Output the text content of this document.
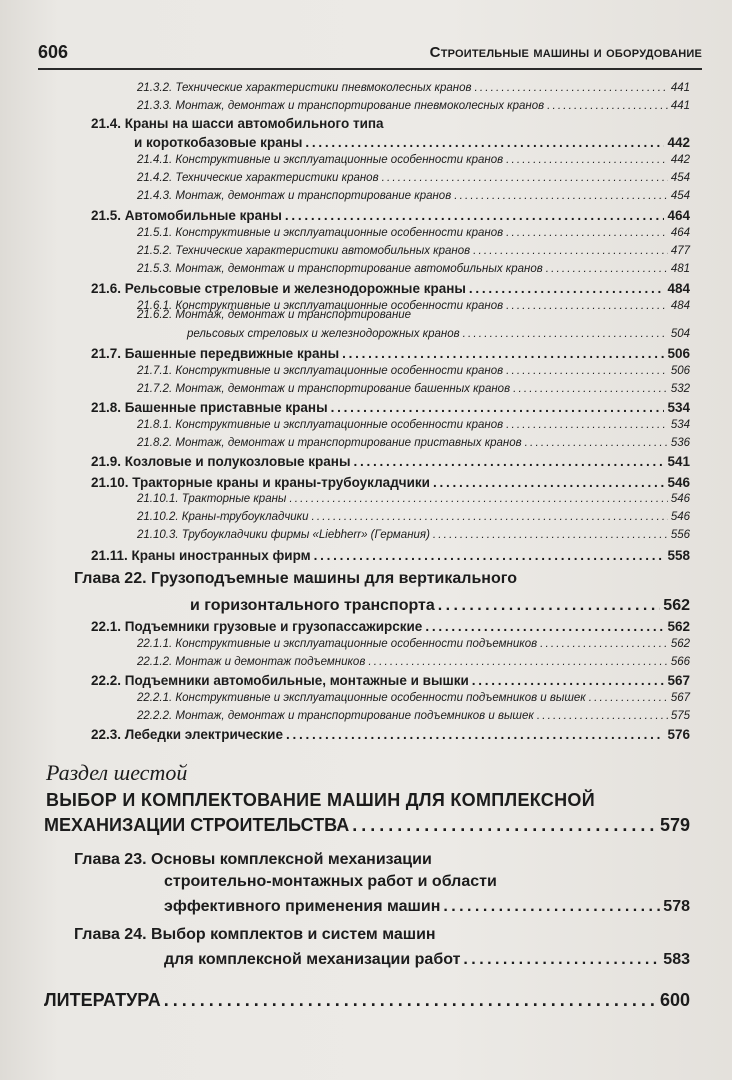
606	Строительные машины и оборудование
21.3.2. Технические характеристики пневмоколесных кранов . . .	441
21.3.3. Монтаж, демонтаж и транспортирование пневмоколесных кранов . . .	441
21.4. Краны на шасси автомобильного типа
и короткобазовые краны . . .	442
21.4.1. Конструктивные и эксплуатационные особенности кранов . . .	442
21.4.2. Технические характеристики кранов . . .	454
21.4.3. Монтаж, демонтаж и транспортирование кранов . . .	454
21.5. Автомобильные краны . . .	464
21.5.1. Конструктивные и эксплуатационные особенности кранов . . .	464
21.5.2. Технические характеристики автомобильных кранов . . .	477
21.5.3. Монтаж, демонтаж и транспортирование автомобильных кранов . . .	481
21.6. Рельсовые стреловые и железнодорожные краны . . .	484
21.6.1. Конструктивные и эксплуатационные особенности кранов . . .	484
21.6.2. Монтаж, демонтаж и транспортирование
рельсовых стреловых и железнодорожных кранов . . .	504
21.7. Башенные передвижные краны . . .	506
21.7.1. Конструктивные и эксплуатационные особенности кранов . . .	506
21.7.2. Монтаж, демонтаж и транспортирование башенных кранов . . .	532
21.8. Башенные приставные краны . . .	534
21.8.1. Конструктивные и эксплуатационные особенности кранов . . .	534
21.8.2. Монтаж, демонтаж и транспортирование приставных кранов . . .	536
21.9. Козловые и полукозловые краны . . .	541
21.10. Тракторные краны и краны-трубоукладчики . . .	546
21.10.1. Тракторные краны . . .	546
21.10.2. Краны-трубоукладчики . . .	546
21.10.3. Трубоукладчики фирмы «Liebherr» (Германия) . . .	556
21.11. Краны иностранных фирм . . .	558
Глава 22. Грузоподъемные машины для вертикального
и горизонтального транспорта . . .	562
22.1. Подъемники грузовые и грузопассажирские . . .	562
22.1.1. Конструктивные и эксплуатационные особенности подъемников . . .	562
22.1.2. Монтаж и демонтаж подъемников . . .	566
22.2. Подъемники автомобильные, монтажные и вышки . . .	567
22.2.1. Конструктивные и эксплуатационные особенности подъемников и вышек . . .	567
22.2.2. Монтаж, демонтаж и транспортирование подъемников и вышек . . .	575
22.3. Лебедки электрические . . .	576
Раздел шестой
ВЫБОР И КОМПЛЕКТОВАНИЕ МАШИН ДЛЯ КОМПЛЕКСНОЙ
МЕХАНИЗАЦИИ СТРОИТЕЛЬСТВА . . .	579
Глава 23. Основы комплексной механизации
строительно-монтажных работ и области
эффективного применения машин . . .	578
Глава 24. Выбор комплектов и систем машин
для комплексной механизации работ . . .	583
ЛИТЕРАТУРА . . .	600
